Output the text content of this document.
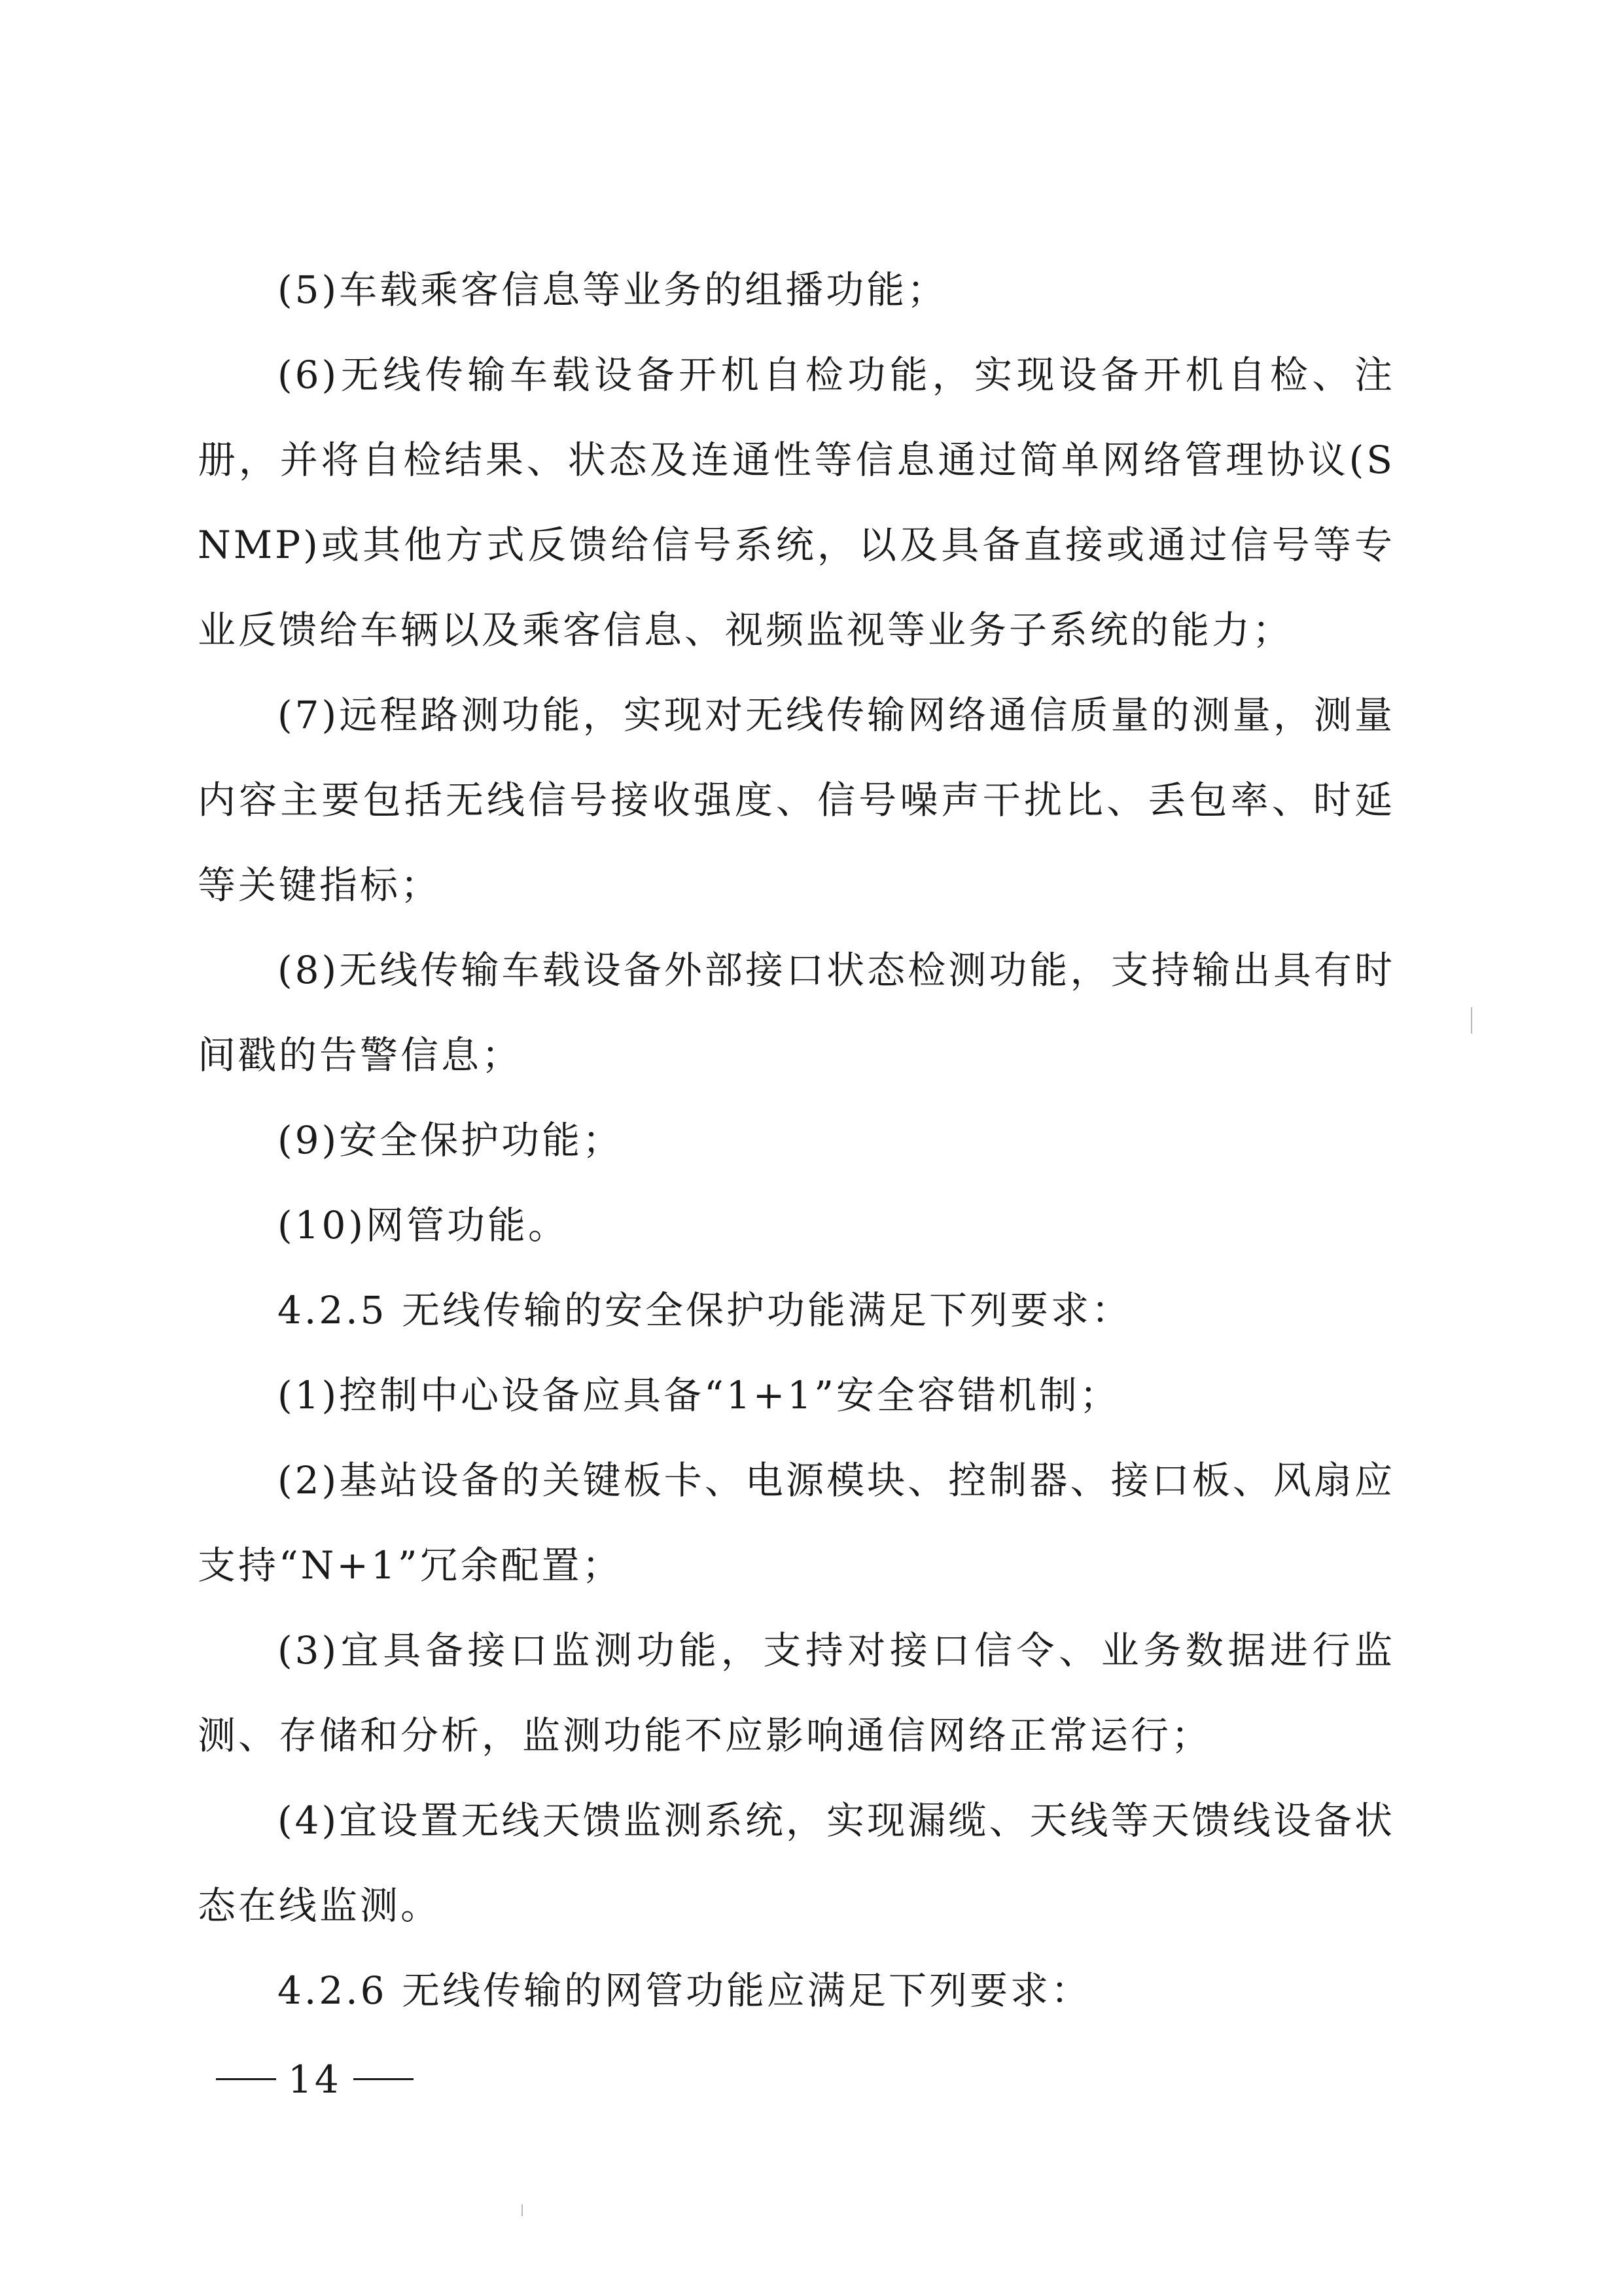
(5)车载乘客信息等业务的组播功能；

(6)无线传输车载设备开机自检功能，实现设备开机自检、注册，并将自检结果、状态及连通性等信息通过简单网络管理协议(SNMP)或其他方式反馈给信号系统，以及具备直接或通过信号等专业反馈给车辆以及乘客信息、视频监视等业务子系统的能力；

(7)远程路测功能，实现对无线传输网络通信质量的测量，测量内容主要包括无线信号接收强度、信号噪声干扰比、丢包率、时延等关键指标；

(8)无线传输车载设备外部接口状态检测功能，支持输出具有时间戳的告警信息；

(9)安全保护功能；

(10)网管功能。

4.2.5 无线传输的安全保护功能满足下列要求：

(1)控制中心设备应具备“1+1”安全容错机制；

(2)基站设备的关键板卡、电源模块、控制器、接口板、风扇应支持“N+1”冗余配置；

(3)宜具备接口监测功能，支持对接口信令、业务数据进行监测、存储和分析，监测功能不应影响通信网络正常运行；

(4)宜设置无线天馈监测系统，实现漏缆、天线等天馈线设备状态在线监测。

4.2.6 无线传输的网管功能应满足下列要求：

14
